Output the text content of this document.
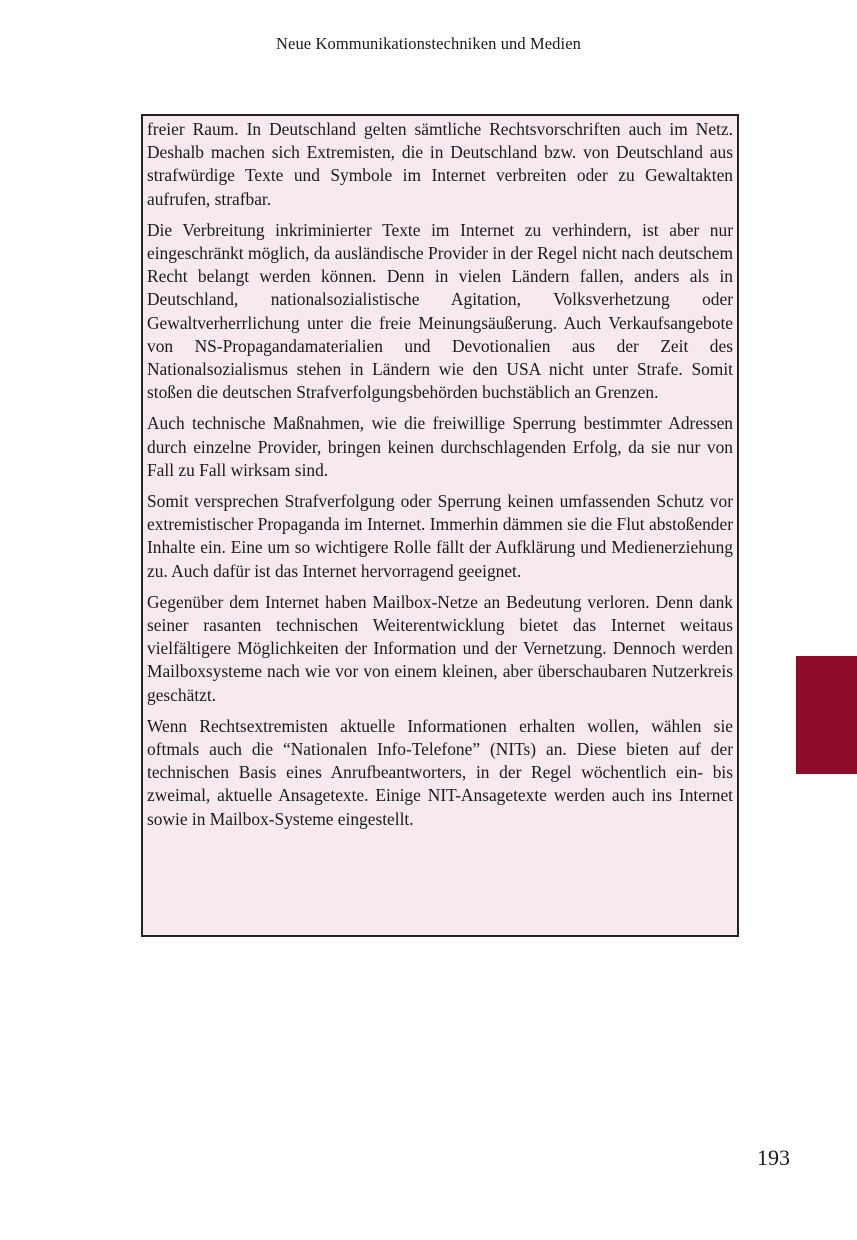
Neue Kommunikationstechniken und Medien

freier Raum. In Deutschland gelten sämtliche Rechtsvorschriften auch im Netz. Deshalb machen sich Extremisten, die in Deutschland bzw. von Deutschland aus strafwürdige Texte und Symbole im Internet verbreiten oder zu Gewaltakten aufrufen, strafbar.

Die Verbreitung inkriminierter Texte im Internet zu verhindern, ist aber nur eingeschränkt möglich, da ausländische Provider in der Regel nicht nach deutschem Recht belangt werden können. Denn in vielen Ländern fallen, anders als in Deutschland, nationalsozialistische Agitation, Volksverhetzung oder Gewaltverherrlichung unter die freie Meinungsäußerung. Auch Verkaufsangebote von NS-Propagandamaterialien und Devotionalien aus der Zeit des Nationalsozialismus stehen in Ländern wie den USA nicht unter Strafe. Somit stoßen die deutschen Strafverfolgungsbehörden buchstäblich an Grenzen.

Auch technische Maßnahmen, wie die freiwillige Sperrung bestimmter Adressen durch einzelne Provider, bringen keinen durchschlagenden Erfolg, da sie nur von Fall zu Fall wirksam sind.

Somit versprechen Strafverfolgung oder Sperrung keinen umfassenden Schutz vor extremistischer Propaganda im Internet. Immerhin dämmen sie die Flut abstoßender Inhalte ein. Eine um so wichtigere Rolle fällt der Aufklärung und Medienerziehung zu. Auch dafür ist das Internet hervorragend geeignet.

Gegenüber dem Internet haben Mailbox-Netze an Bedeutung verloren. Denn dank seiner rasanten technischen Weiterentwicklung bietet das Internet weitaus vielfältigere Möglichkeiten der Information und der Vernetzung. Dennoch werden Mailboxsysteme nach wie vor von einem kleinen, aber überschaubaren Nutzerkreis geschätzt.

Wenn Rechtsextremisten aktuelle Informationen erhalten wollen, wählen sie oftmals auch die “Nationalen Info-Telefone” (NITs) an. Diese bieten auf der technischen Basis eines Anrufbeantworters, in der Regel wöchentlich ein- bis zweimal, aktuelle Ansagetexte. Einige NIT-Ansagetexte werden auch ins Internet sowie in Mailbox-Systeme eingestellt.

193
